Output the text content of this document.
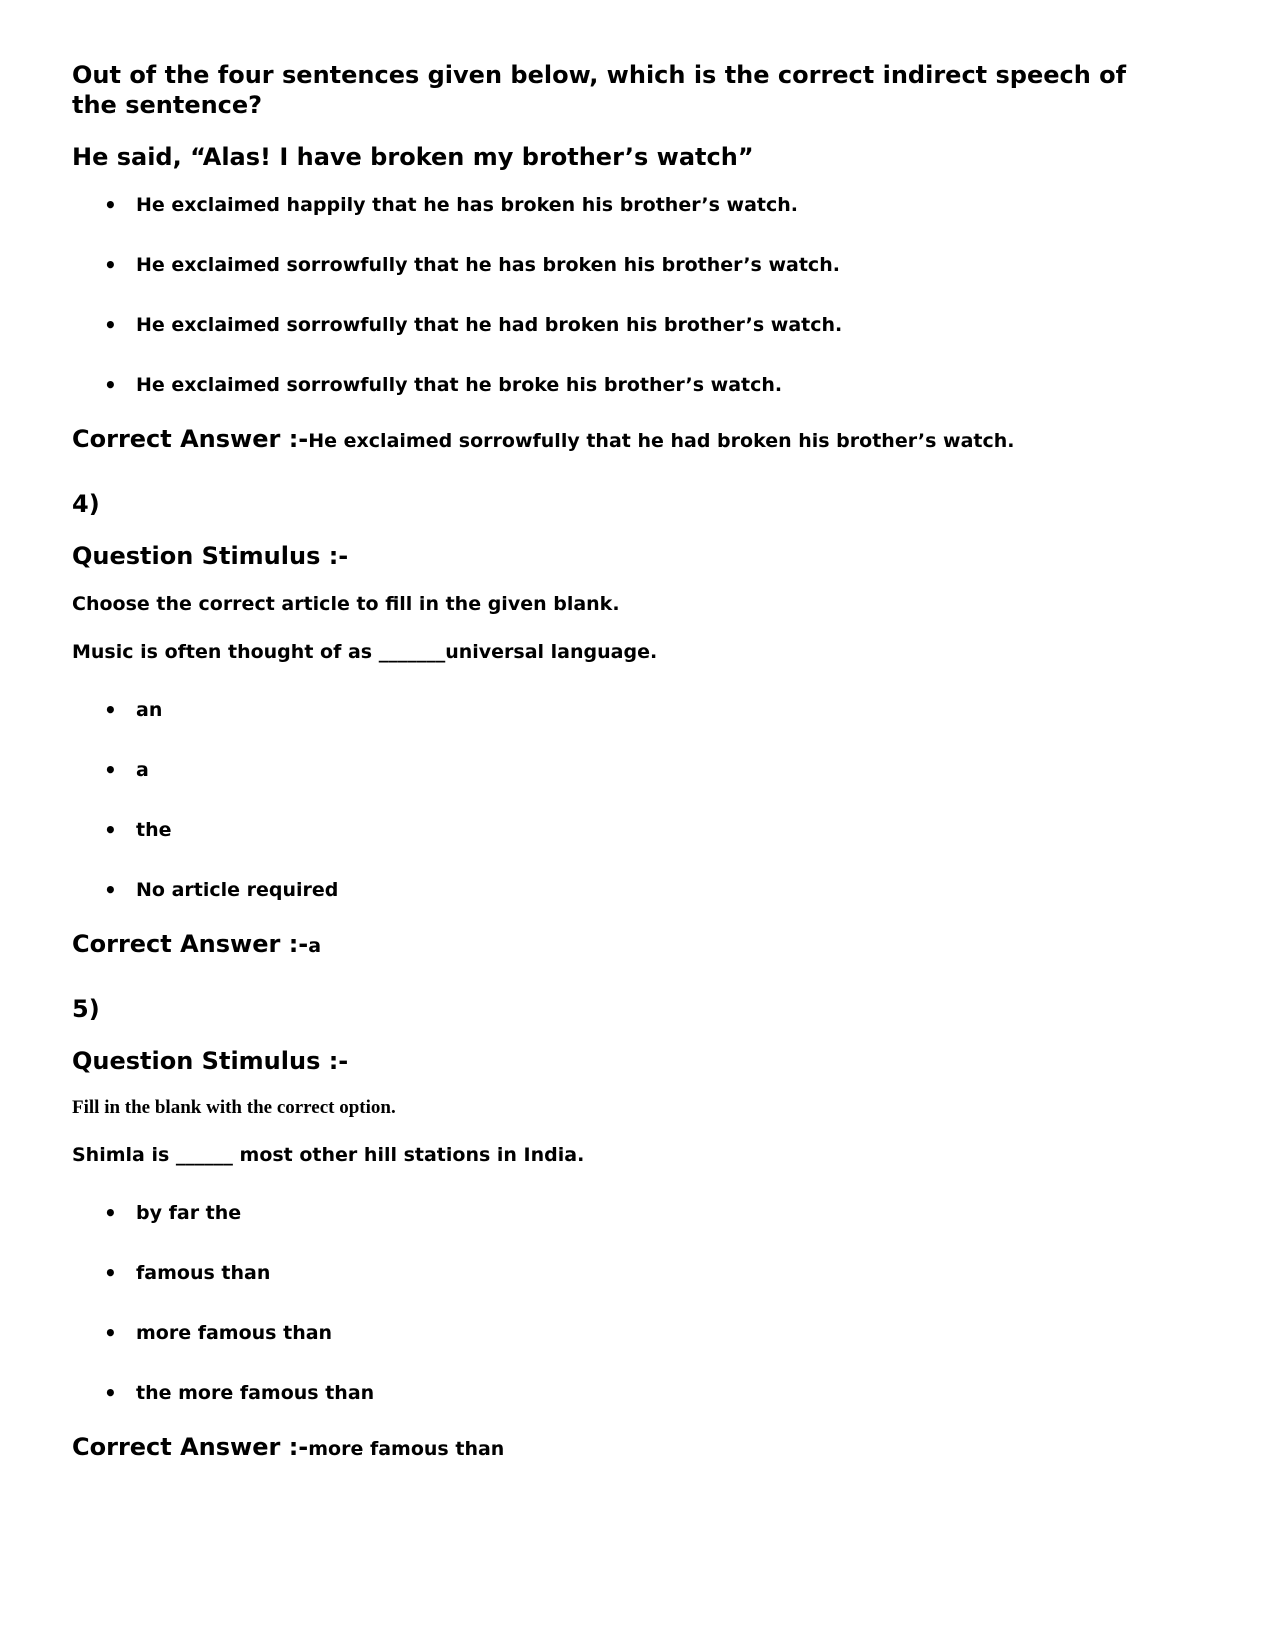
Out of the four sentences given below, which is the correct indirect speech of

the sentence?

He said, “Alas! I have broken my brother’s watch”

• He exclaimed happily that he has broken his brother’s watch.
• He exclaimed sorrowfully that he has broken his brother’s watch.
• He exclaimed sorrowfully that he had broken his brother’s watch.
• He exclaimed sorrowfully that he broke his brother’s watch.

Correct Answer :-He exclaimed sorrowfully that he had broken his brother’s watch.

4)

Question Stimulus :-

Choose the correct article to fill in the given blank.

Music is often thought of as _______universal language.

• an
• a
• the
• No article required

Correct Answer :-a

5)

Question Stimulus :-

Fill in the blank with the correct option.

Shimla is ______ most other hill stations in India.

• by far the
• famous than
• more famous than
• the more famous than

Correct Answer :-more famous than
